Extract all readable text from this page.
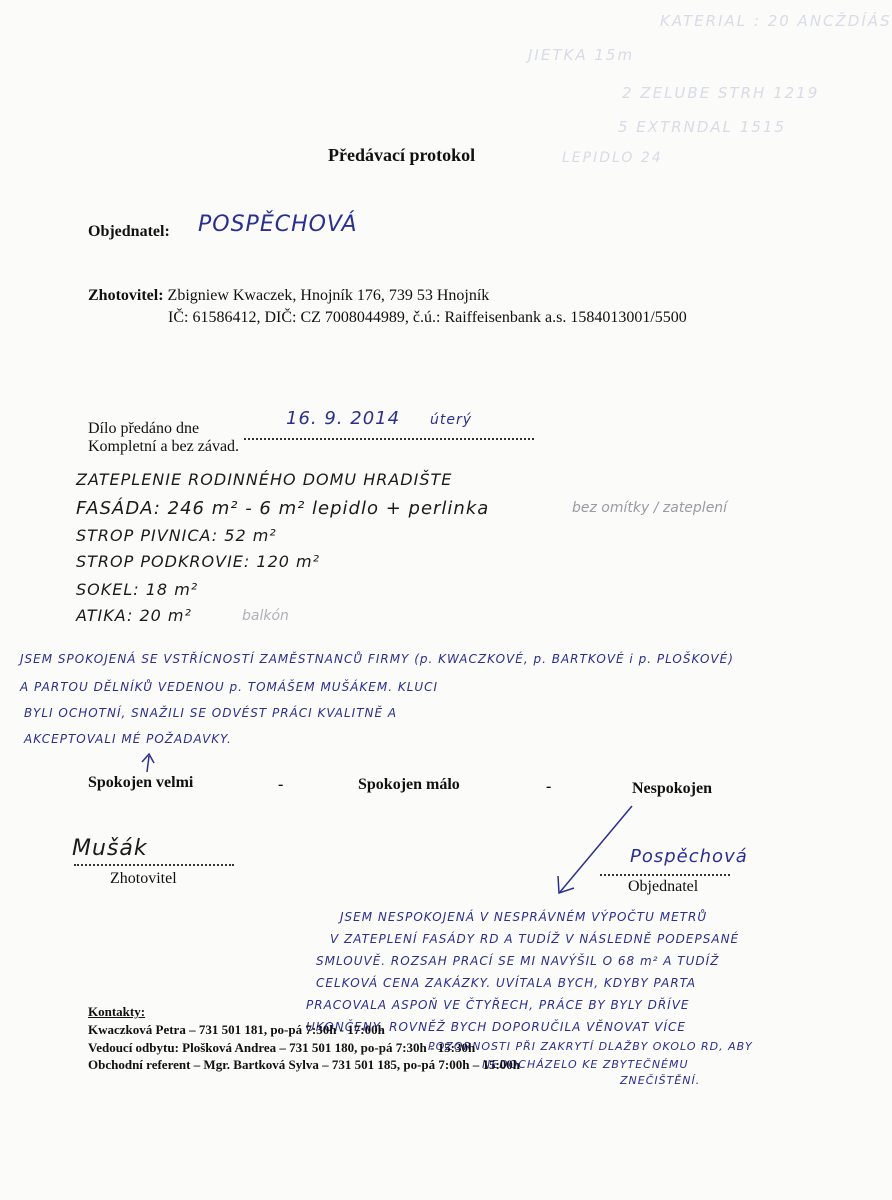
KATERIAL : 20 ANCŽDÍÁS
JIETKA 15m
2 ZELUBE STRH 1219
5 EXTRNDAL 1515
LEPIDLO 24
Předávací protokol
Objednatel: POSPĚCHOVÁ
Zhotovitel: Zbigniew Kwaczek, Hnojník 176, 739 53 Hnojník
IČ: 61586412, DIČ: CZ 7008044989, č.ú.: Raiffeisenbank a.s. 1584013001/5500
Dílo předáno dne	16. 9. 2014 úterý
Kompletní a bez závad.
ZATEPLENIE RODINNÉHO DOMU HRADIŠTE
FASÁDA: 246 m² - 6 m² lepidlo + perlinka
STROP PIVNICA: 52 m²
STROP PODKROVIE: 120 m²
SOKEL: 18 m²
ATIKA: 20 m²
bez omítky / zateplení
balkón
JSEM SPOKOJENÁ SE VSTŘÍCNOSTÍ ZAMĚSTNANCŮ FIRMY (p. KWACZKOVÉ, p. BARTKOVÉ i p. PLOŠKOVÉ)
A PARTOU DĚLNÍKŮ VEDENOU p. TOMÁŠEM MUŠÁKEM. KLUCI
BYLI OCHOTNÍ, SNAŽILI SE ODVÉST PRÁCI KVALITNĚ A
AKCEPTOVALI MÉ POŽADAVKY.
Spokojen velmi	-	Spokojen málo	-	Nespokojen
Mušák
Zhotovitel
Pospěchová
Objednatel
JSEM NESPOKOJENÁ V NESPRÁVNÉM VÝPOČTU METRŮ
V ZATEPLENÍ FASÁDY RD A TUDÍŽ V NÁSLEDNĚ PODEPSANÉ
SMLOUVĚ. ROZSAH PRACÍ SE MI NAVÝŠIL O 68 m² A TUDÍŽ
CELKOVÁ CENA ZAKÁZKY. UVÍTALA BYCH, KDYBY PARTA
PRACOVALA ASPOŇ VE ČTYŘECH, PRÁCE BY BYLY DŘÍVE
UKONČENY. ROVNĚŽ BYCH DOPORUČILA VĚNOVAT VÍCE
POZORNOSTI PŘI ZAKRYTÍ DLAŽBY OKOLO RD, ABY
NEDOCHÁZELO KE ZBYTEČNÉMU
ZNEČIŠTĚNÍ.
Kontakty:
Kwaczková Petra – 731 501 181, po-pá 7:30h - 17:00h
Vedoucí odbytu: Plošková Andrea – 731 501 180, po-pá 7:30h - 15:30h
Obchodní referent – Mgr. Bartková Sylva – 731 501 185, po-pá 7:00h – 15:00h
